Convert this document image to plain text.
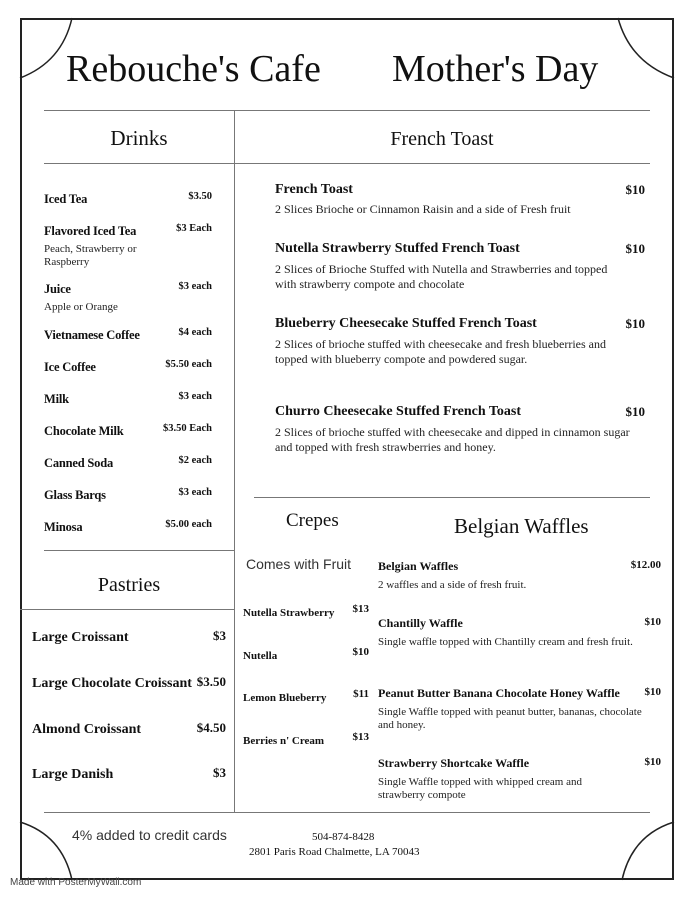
Rebouche's Cafe Mother's Day
Drinks
Iced Tea	$3.50
Flavored Iced Tea	$3 Each
Peach, Strawberry or Raspberry
Juice	$3 each
Apple or Orange
Vietnamese Coffee	$4 each
Ice Coffee	$5.50 each
Milk	$3 each
Chocolate Milk	$3.50 Each
Canned Soda	$2 each
Glass Barqs	$3 each
Minosa	$5.00 each
French Toast
French Toast	$10
2 Slices Brioche or Cinnamon Raisin and a side of Fresh fruit
Nutella Strawberry Stuffed French Toast	$10
2 Slices of Brioche Stuffed with Nutella and Strawberries and topped with strawberry compote and chocolate
Blueberry Cheesecake Stuffed French Toast	$10
2 Slices of brioche stuffed with cheesecake and fresh blueberries and topped with blueberry compote and powdered sugar.
Churro Cheesecake Stuffed French Toast	$10
2 Slices of brioche stuffed with cheesecake and dipped in cinnamon sugar and topped with fresh strawberries and honey.
Pastries
Large Croissant	$3
Large Chocolate Croissant $3.50
Almond Croissant	$4.50
Large Danish	$3
Crepes
Comes with Fruit
Nutella Strawberry $13
Nutella	$10
Lemon Blueberry $11
Berries n' Cream	$13
Belgian Waffles
Belgian Waffles	$12.00
2 waffles and a side of fresh fruit.
Chantilly Waffle	$10
Single waffle topped with Chantilly cream and fresh fruit.
Peanut Butter Banana Chocolate Honey Waffle	$10
Single Waffle topped with peanut butter, bananas, chocolate and honey.
Strawberry Shortcake Waffle	$10
Single Waffle topped with whipped cream and strawberry compote
4% added to credit cards	504-874-8428
2801 Paris Road Chalmette, LA 70043
Made with PosterMyWall.com
